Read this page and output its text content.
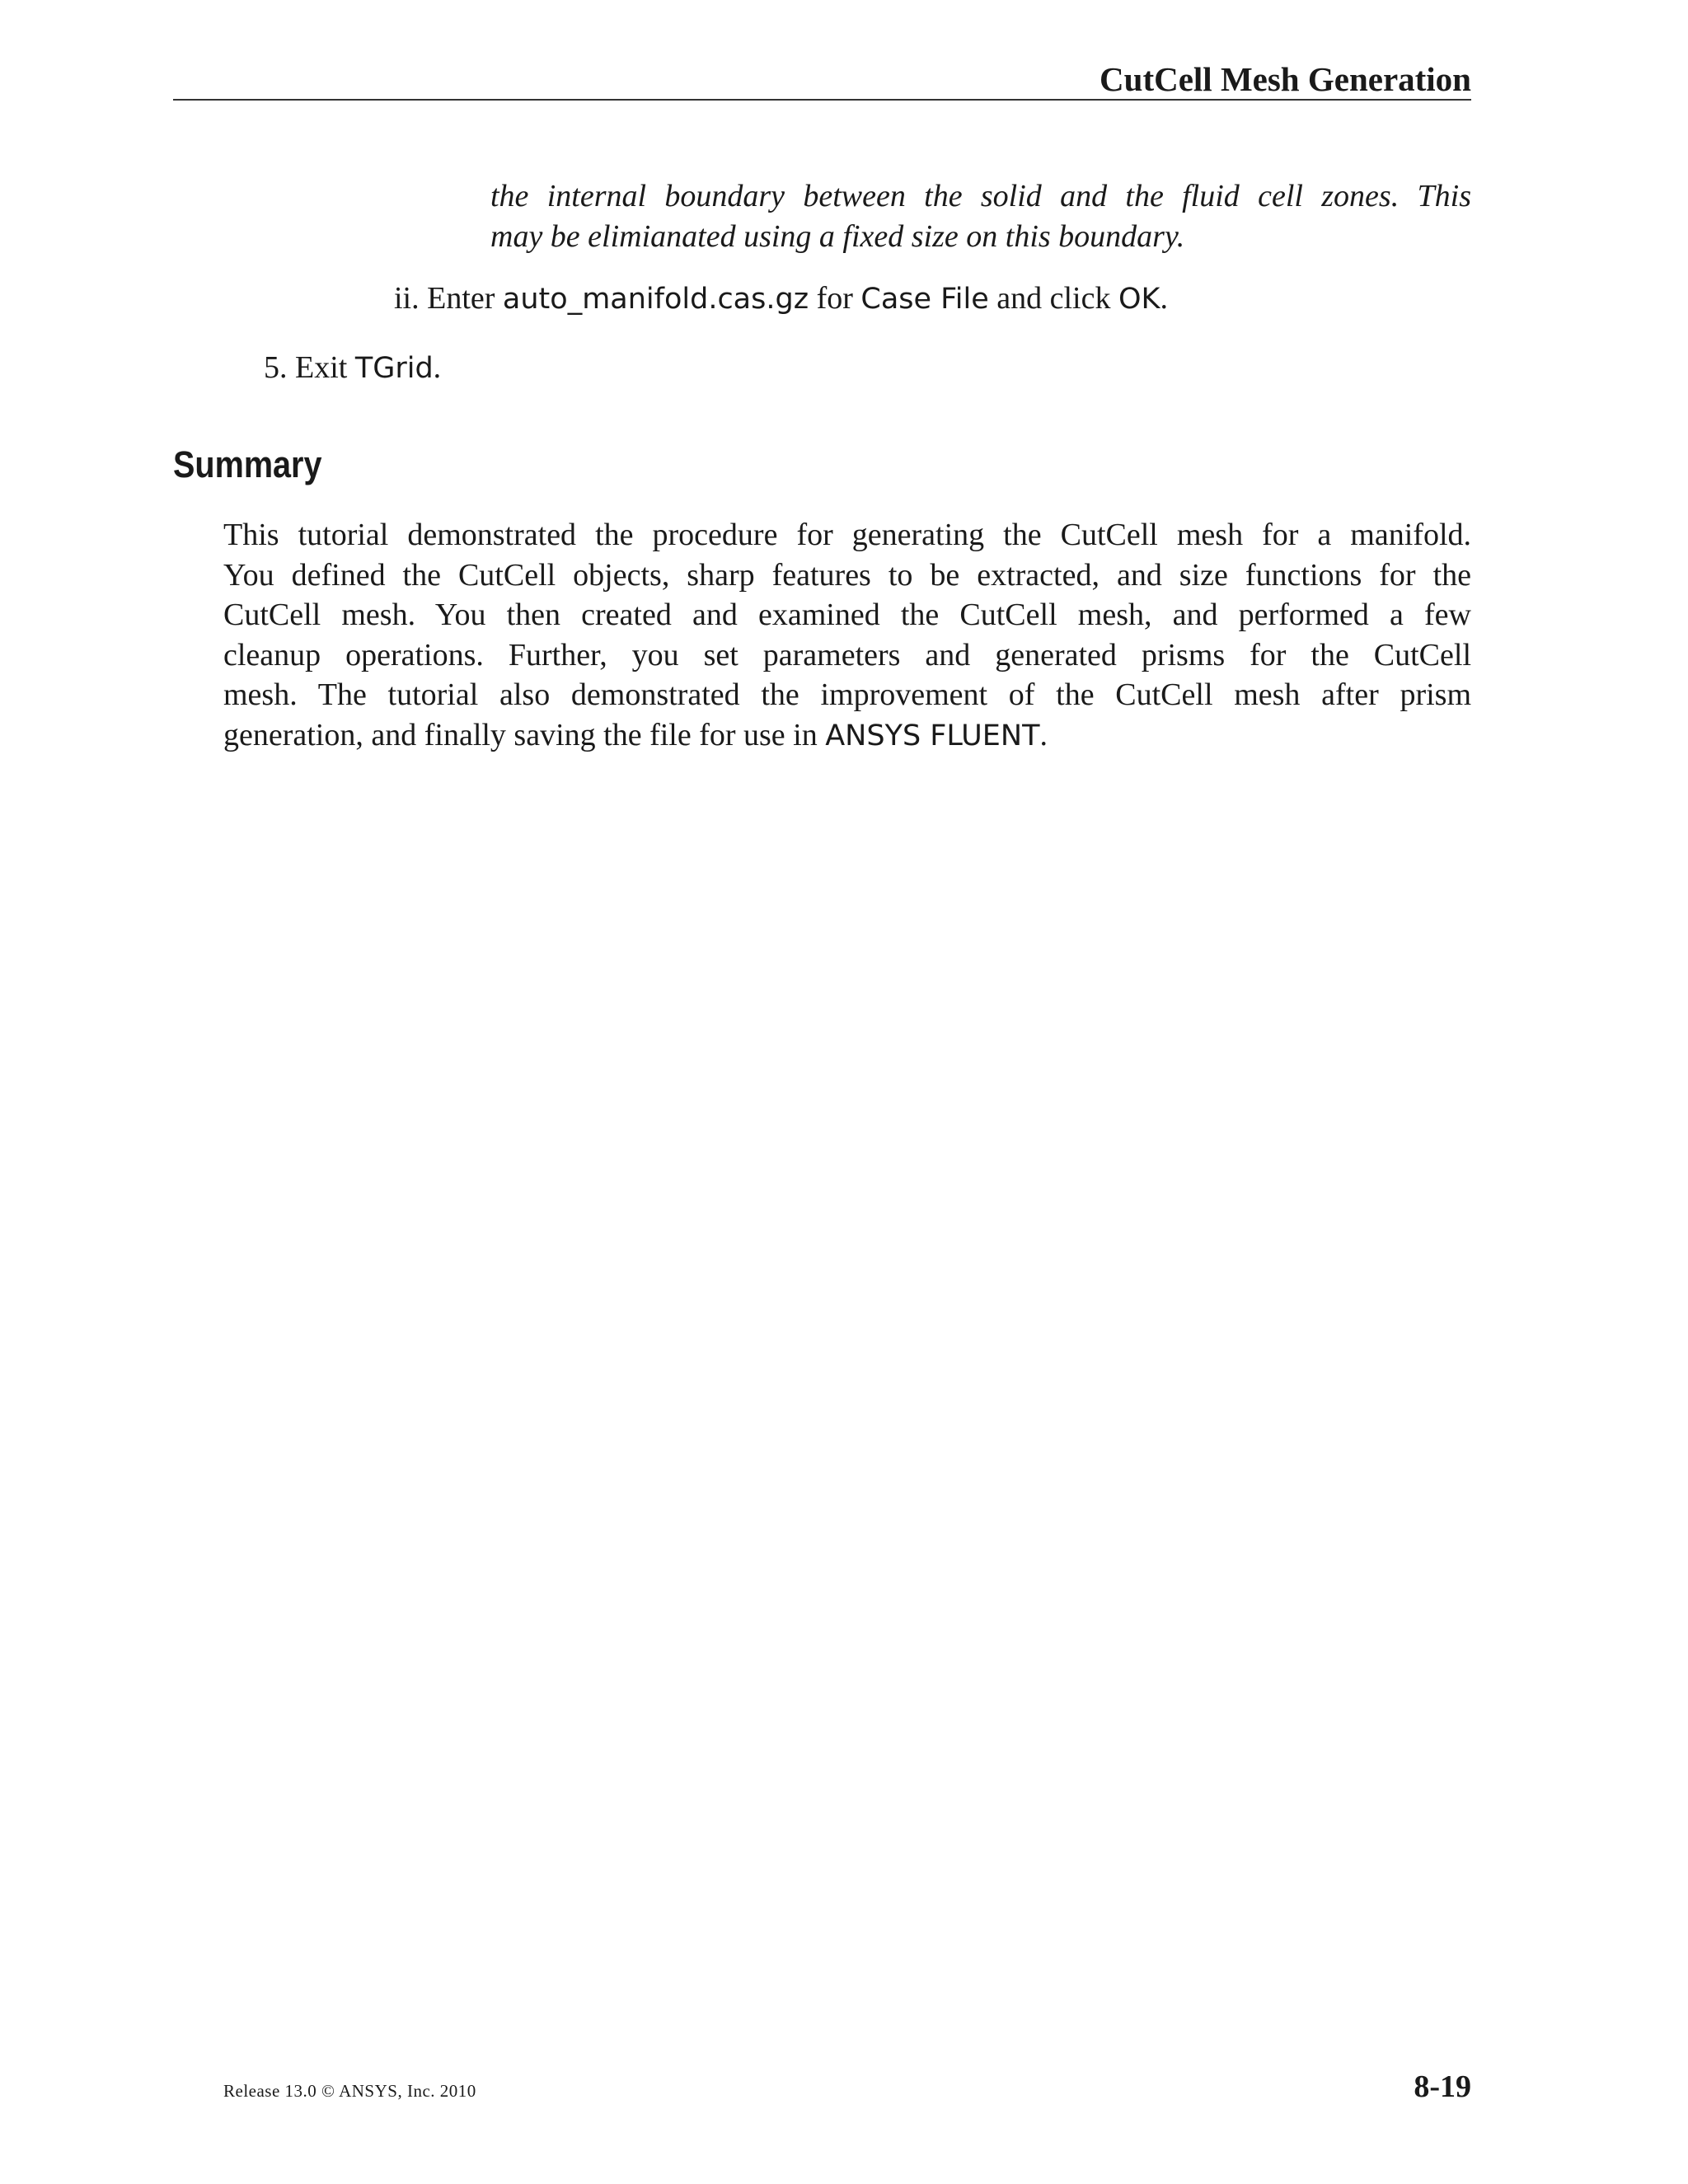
CutCell Mesh Generation
the internal boundary between the solid and the fluid cell zones. This
may be elimianated using a fixed size on this boundary.
ii. Enter auto_manifold.cas.gz for Case File and click OK.
5. Exit TGrid.
Summary
This tutorial demonstrated the procedure for generating the CutCell mesh for a manifold.
You defined the CutCell objects, sharp features to be extracted, and size functions for the
CutCell mesh. You then created and examined the CutCell mesh, and performed a few
cleanup operations. Further, you set parameters and generated prisms for the CutCell
mesh. The tutorial also demonstrated the improvement of the CutCell mesh after prism
generation, and finally saving the file for use in ANSYS FLUENT.
Release 13.0 © ANSYS, Inc. 2010	8-19
